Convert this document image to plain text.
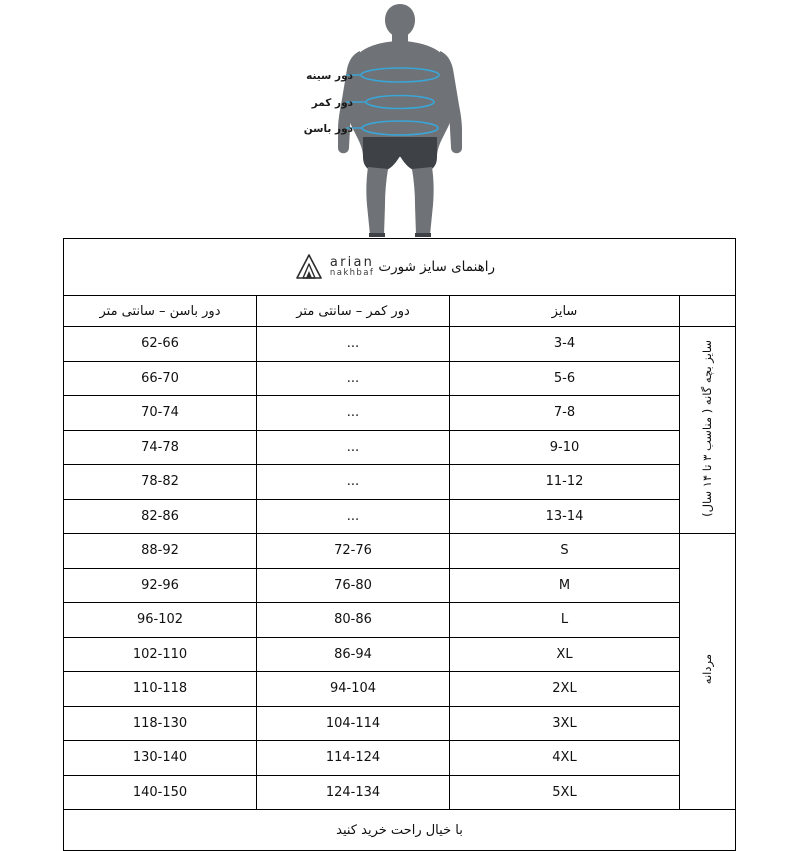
دور سینه
دور کمر
دور باسن
راهنمای سایز شورت
arian
nakhbaf			

	سایز	دور کمر – سانتی متر	دور باسن – سانتی متر
سایز بچه گانه ( مناسب ۳ تا ۱۴ سال)	3-4	...	62-66
	5-6	...	66-70
	7-8	...	70-74
	9-10	...	74-78
	11-12	...	78-82
	13-14	...	82-86
مردانه	S	72-76	88-92
	M	76-80	92-96
	L	80-86	96-102
	XL	86-94	102-110
	2XL	94-104	110-118
	3XL	104-114	118-130
	4XL	114-124	130-140
	5XL	124-134	140-150
با خیال راحت خرید کنید			
